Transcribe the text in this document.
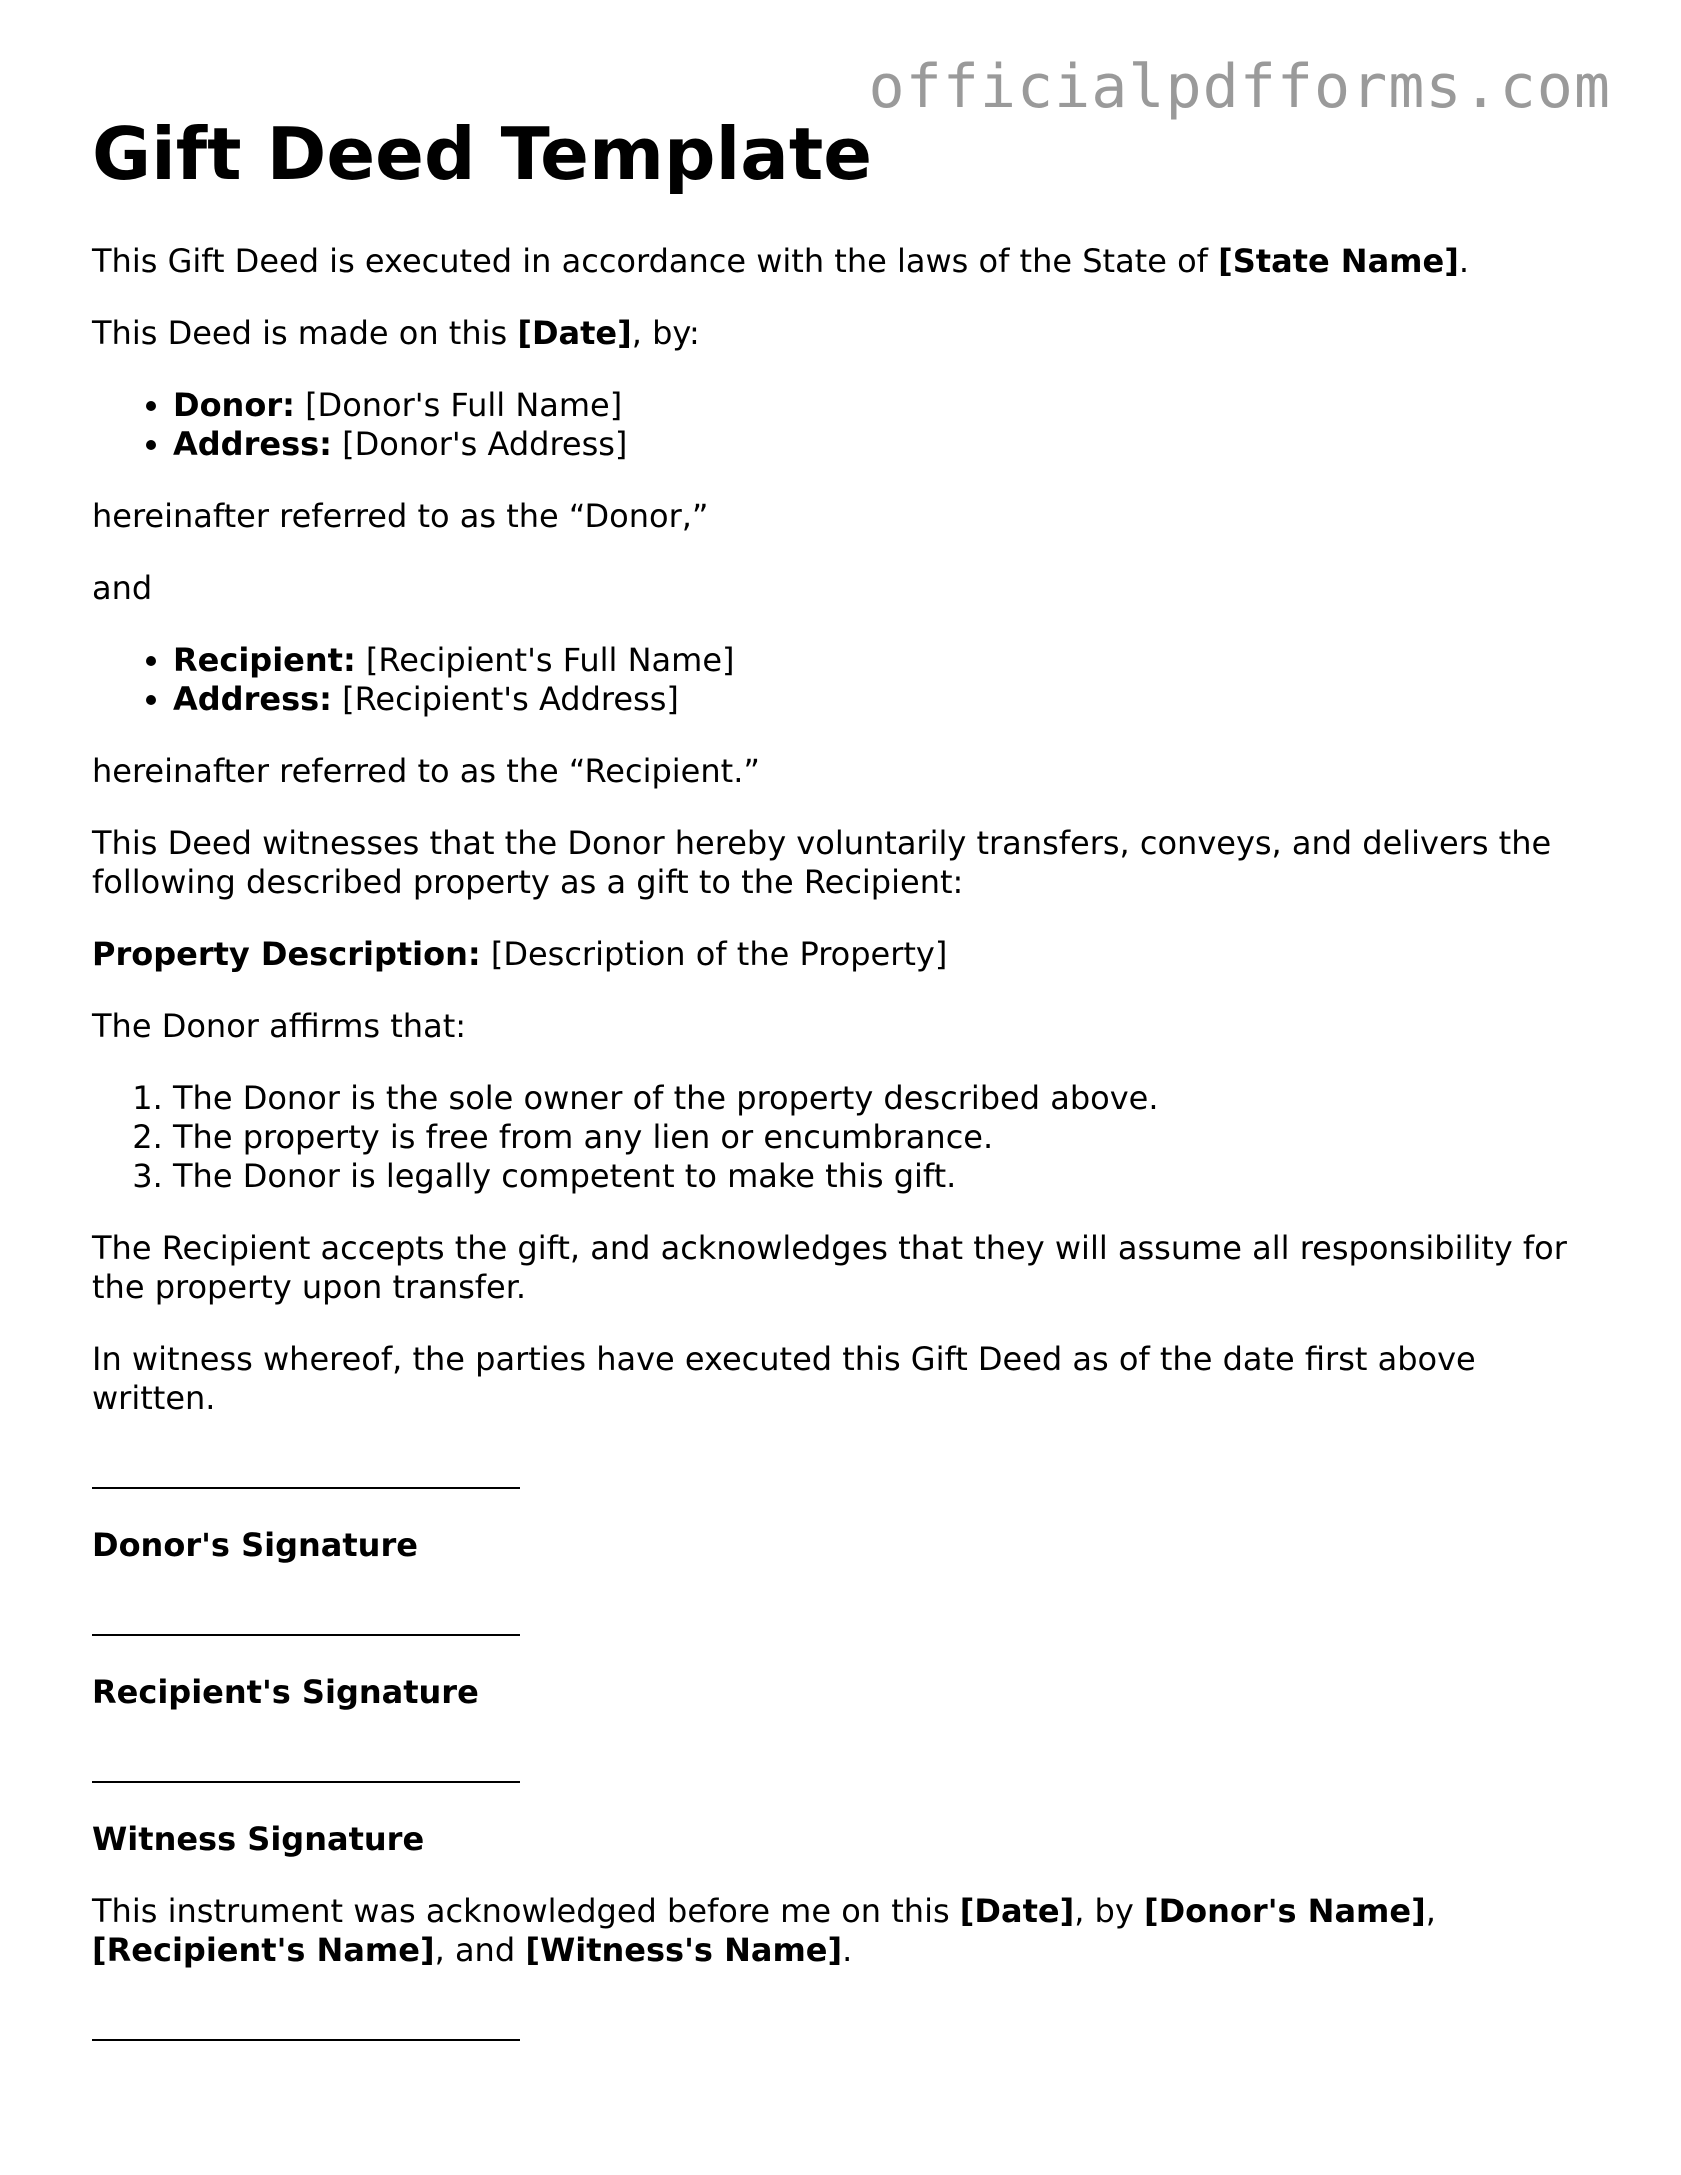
officialpdfforms.com
Gift Deed Template

This Gift Deed is executed in accordance with the laws of the State of [State Name].

This Deed is made on this [Date], by:

• Donor: [Donor's Full Name]
• Address: [Donor's Address]

hereinafter referred to as the “Donor,”

and

• Recipient: [Recipient's Full Name]
• Address: [Recipient's Address]

hereinafter referred to as the “Recipient.”

This Deed witnesses that the Donor hereby voluntarily transfers, conveys, and delivers the following described property as a gift to the Recipient:

Property Description: [Description of the Property]

The Donor affirms that:

1. The Donor is the sole owner of the property described above.
2. The property is free from any lien or encumbrance.
3. The Donor is legally competent to make this gift.

The Recipient accepts the gift, and acknowledges that they will assume all responsibility for the property upon transfer.

In witness whereof, the parties have executed this Gift Deed as of the date first above written.

Donor's Signature
Recipient's Signature
Witness Signature

This instrument was acknowledged before me on this [Date], by [Donor's Name], [Recipient's Name], and [Witness's Name].
